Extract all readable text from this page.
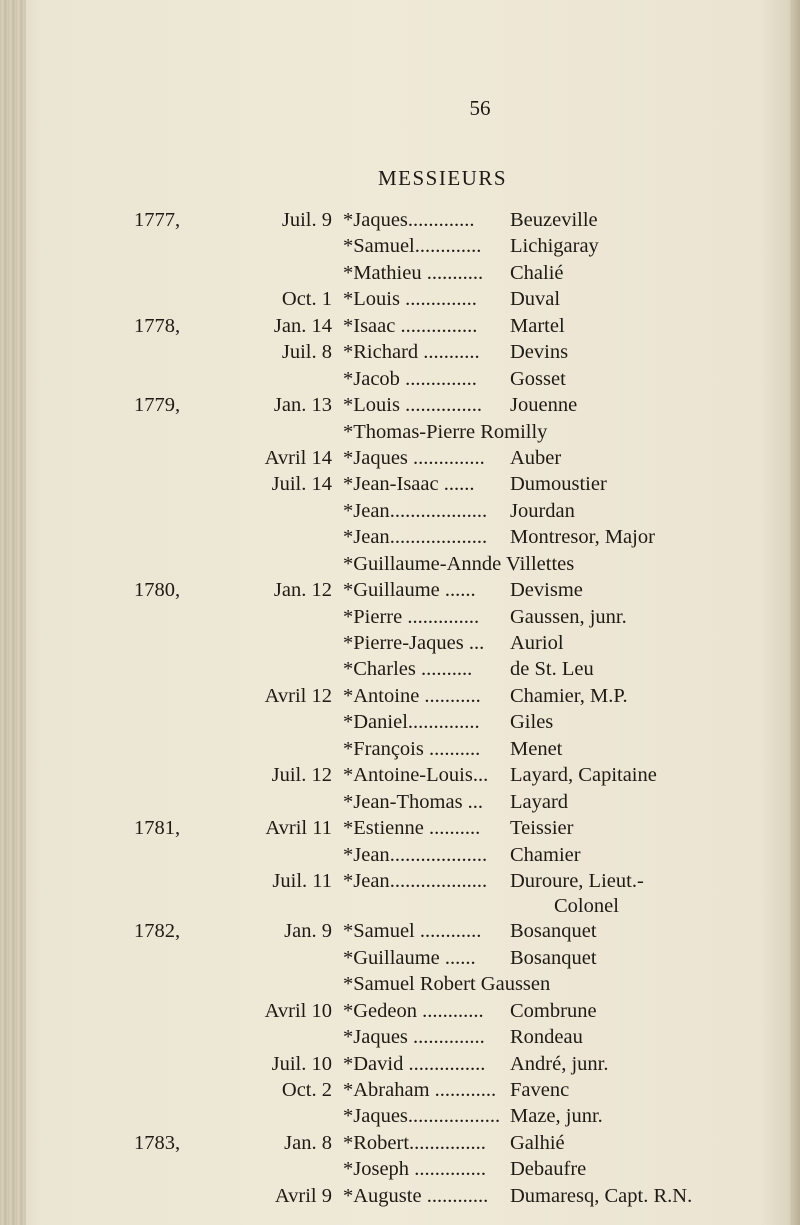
56
MESSIEURS
1777,	Juil. 9 *Jaques.............	Beuzeville
*Samuel.............	Lichigaray
*Mathieu ...........	Chalié
Oct. 1 *Louis ..............	Duval
1778,	Jan. 14 *Isaac ...............	Martel
Juil. 8 *Richard ...........	Devins
*Jacob ..............	Gosset
1779,	Jan. 13 *Louis ...............	Jouenne
*Thomas-Pierre Romilly
Avril 14 *Jaques ..............	Auber
Juil. 14 *Jean-Isaac ......	Dumoustier
*Jean...................	Jourdan
*Jean...................	Montresor, Major
*Guillaume-Annde Villettes
1780,	Jan. 12 *Guillaume ......	Devisme
*Pierre ..............	Gaussen, junr.
*Pierre-Jaques ...	Auriol
*Charles ..........	de St. Leu
Avril 12 *Antoine ...........	Chamier, M.P.
*Daniel..............	Giles
*François ..........	Menet
Juil. 12 *Antoine-Louis...	Layard, Capitaine
*Jean-Thomas ...	Layard
1781,	Avril 11 *Estienne ..........	Teissier
*Jean...................	Chamier
Juil. 11 *Jean...................	Duroure, Lieut.-
Colonel
1782,	Jan. 9 *Samuel ............	Bosanquet
*Guillaume ......	Bosanquet
*Samuel Robert Gaussen
Avril 10 *Gedeon ............	Combrune
*Jaques ..............	Rondeau
Juil. 10 *David ...............	André, junr.
Oct. 2 *Abraham ............ Favenc
*Jaques.................. Maze, junr.
1783,	Jan. 8 *Robert...............	Galhié
*Joseph ..............	Debaufre
Avril 9 *Auguste ............	Dumaresq, Capt. R.N.
